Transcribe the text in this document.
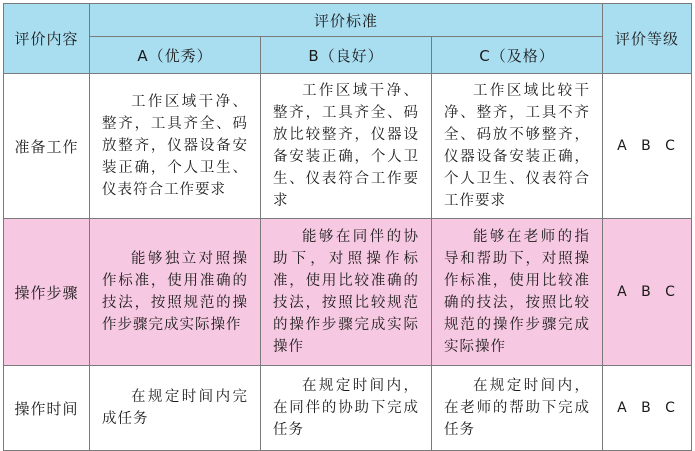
评价内容	评价标准			评价等级
	A（优秀）	B（良好）	C（及格）	
准备工作	工作区域干净、整齐，工具齐全、码放整齐，仪器设备安装正确，个人卫生、仪表符合工作要求	工作区域干净、整齐，工具齐全、码放比较整齐，仪器设备安装正确，个人卫生、仪表符合工作要求	工作区域比较干净、整齐，工具不齐全、码放不够整齐，仪器设备安装正确，个人卫生、仪表符合工作要求	A B C
操作步骤	能够独立对照操作标准，使用准确的技法，按照规范的操作步骤完成实际操作	能够在同伴的协助下，对照操作标准，使用比较准确的技法，按照比较规范的操作步骤完成实际操作	能够在老师的指导和帮助下，对照操作标准，使用比较准确的技法，按照比较规范的操作步骤完成实际操作	A B C
操作时间	在规定时间内完成任务	在规定时间内，在同伴的协助下完成任务	在规定时间内，在老师的帮助下完成任务	A B C
